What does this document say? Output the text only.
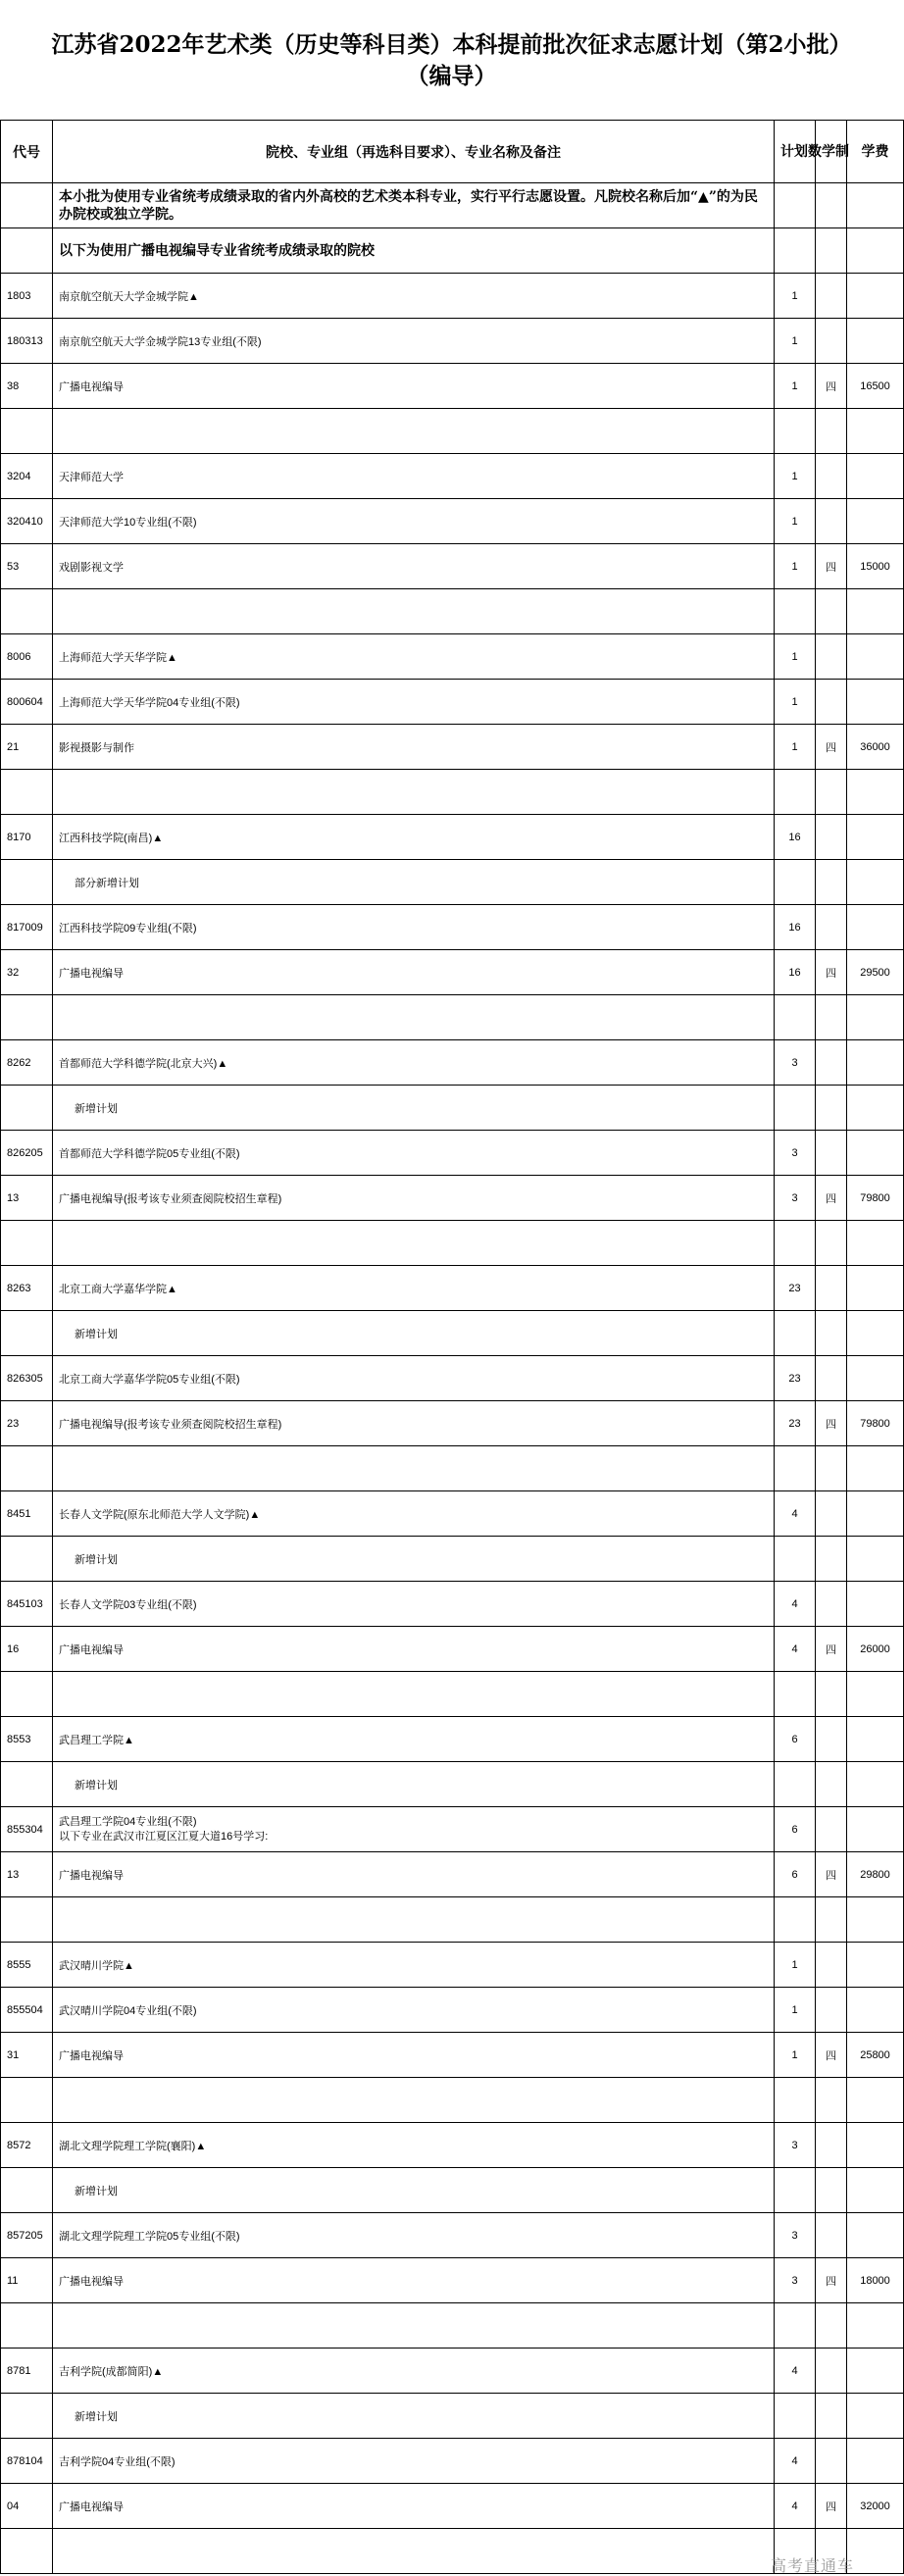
江苏省2022年艺术类（历史等科目类）本科提前批次征求志愿计划（第2小批）
（编导）
代号	院校、专业组（再选科目要求）、专业名称及备注	计划数	学制	学费
	本小批为使用专业省统考成绩录取的省内外高校的艺术类本科专业，实行平行志愿设置。凡院校名称后加“▲”的为民办院校或独立学院。			
	以下为使用广播电视编导专业省统考成绩录取的院校			
1803	南京航空航天大学金城学院▲	1		
180313	南京航空航天大学金城学院13专业组(不限)	1		
38	广播电视编导	1	四	16500

3204	天津师范大学	1		
320410	天津师范大学10专业组(不限)	1		
53	戏剧影视文学	1	四	15000

8006	上海师范大学天华学院▲	1		
800604	上海师范大学天华学院04专业组(不限)	1		
21	影视摄影与制作	1	四	36000

8170	江西科技学院(南昌)▲	16		
	部分新增计划			
817009	江西科技学院09专业组(不限)	16		
32	广播电视编导	16	四	29500

8262	首都师范大学科德学院(北京大兴)▲	3		
	新增计划			
826205	首都师范大学科德学院05专业组(不限)	3		
13	广播电视编导(报考该专业须查阅院校招生章程)	3	四	79800

8263	北京工商大学嘉华学院▲	23		
	新增计划			
826305	北京工商大学嘉华学院05专业组(不限)	23		
23	广播电视编导(报考该专业须查阅院校招生章程)	23	四	79800

8451	长春人文学院(原东北师范大学人文学院)▲	4		
	新增计划			
845103	长春人文学院03专业组(不限)	4		
16	广播电视编导	4	四	26000

8553	武昌理工学院▲	6		
	新增计划			
855304	武昌理工学院04专业组(不限)
以下专业在武汉市江夏区江夏大道16号学习:	6		
13	广播电视编导	6	四	29800

8555	武汉晴川学院▲	1		
855504	武汉晴川学院04专业组(不限)	1		
31	广播电视编导	1	四	25800

8572	湖北文理学院理工学院(襄阳)▲	3		
	新增计划			
857205	湖北文理学院理工学院05专业组(不限)	3		
11	广播电视编导	3	四	18000

8781	吉利学院(成都简阳)▲	4		
	新增计划			
878104	吉利学院04专业组(不限)	4		
04	广播电视编导	4	四	32000

高考直通车
